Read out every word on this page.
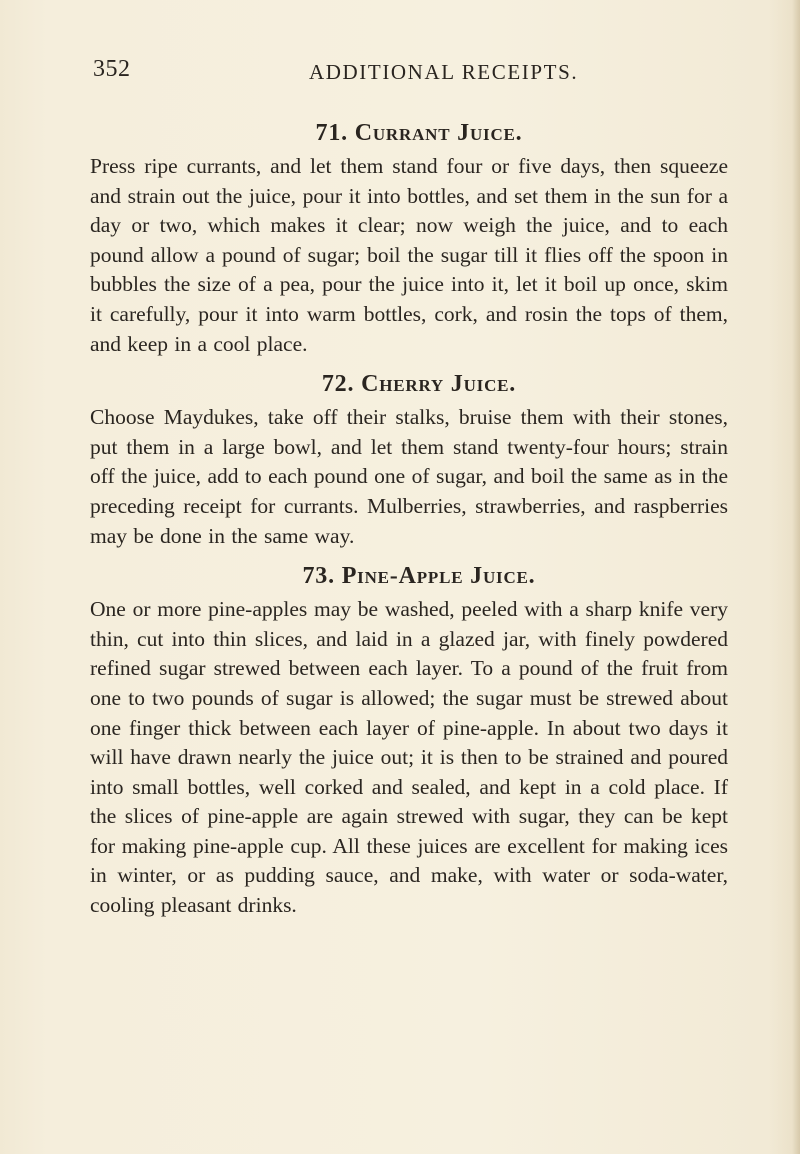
352	ADDITIONAL RECEIPTS.
71. Currant Juice.

Press ripe currants, and let them stand four or five days, then squeeze and strain out the juice, pour it into bottles, and set them in the sun for a day or two, which makes it clear; now weigh the juice, and to each pound allow a pound of sugar; boil the sugar till it flies off the spoon in bubbles the size of a pea, pour the juice into it, let it boil up once, skim it carefully, pour it into warm bottles, cork, and rosin the tops of them, and keep in a cool place.

72. Cherry Juice.

Choose Maydukes, take off their stalks, bruise them with their stones, put them in a large bowl, and let them stand twenty-four hours; strain off the juice, add to each pound one of sugar, and boil the same as in the preceding receipt for currants. Mulberries, strawberries, and raspberries may be done in the same way.

73. Pine-Apple Juice.

One or more pine-apples may be washed, peeled with a sharp knife very thin, cut into thin slices, and laid in a glazed jar, with finely powdered refined sugar strewed between each layer. To a pound of the fruit from one to two pounds of sugar is allowed; the sugar must be strewed about one finger thick between each layer of pine-apple. In about two days it will have drawn nearly the juice out; it is then to be strained and poured into small bottles, well corked and sealed, and kept in a cold place. If the slices of pine-apple are again strewed with sugar, they can be kept for making pine-apple cup. All these juices are excellent for making ices in winter, or as pudding sauce, and make, with water or soda-water, cooling pleasant drinks.
